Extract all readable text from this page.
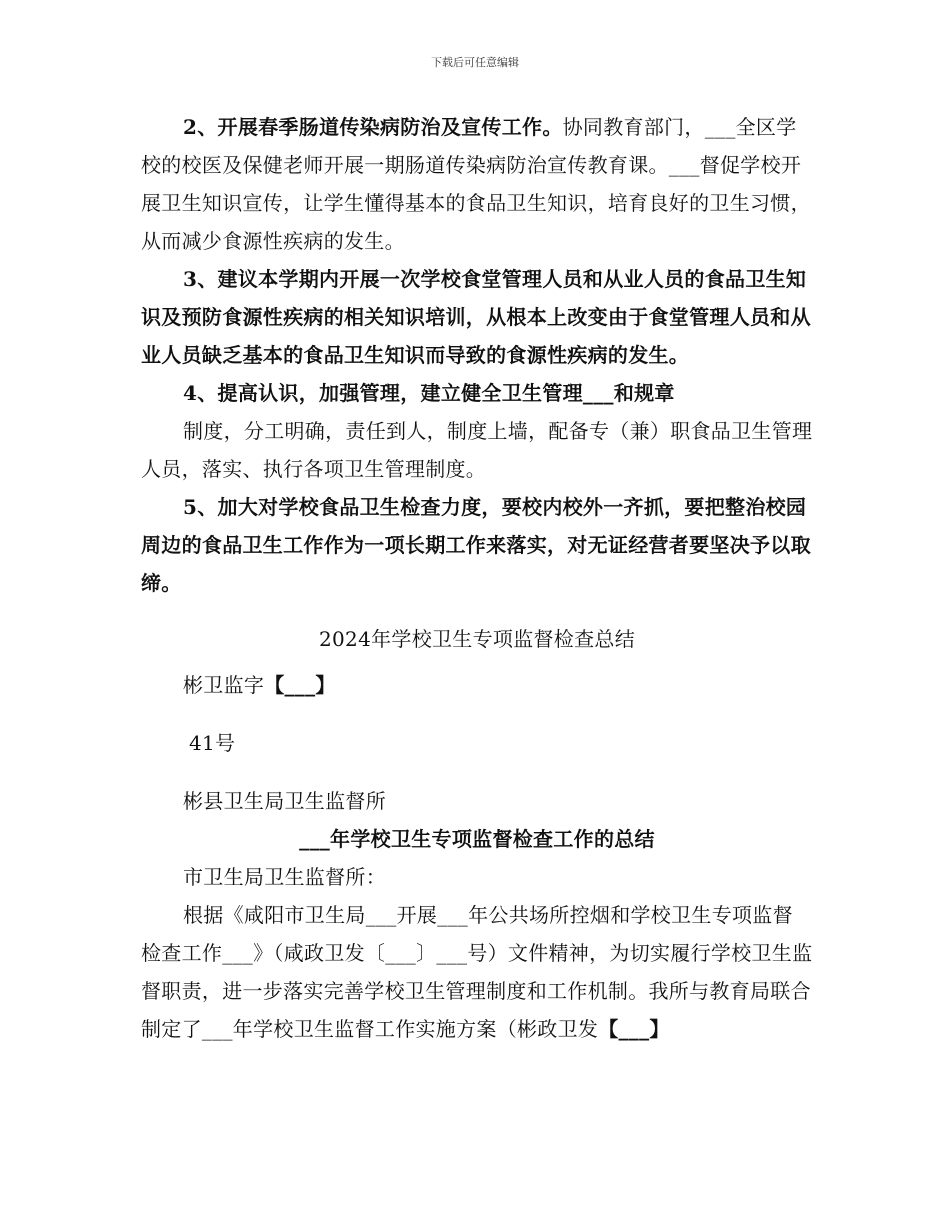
下载后可任意编辑

2、开展春季肠道传染病防治及宣传工作。协同教育部门，___全区学校的校医及保健老师开展一期肠道传染病防治宣传教育课。___督促学校开展卫生知识宣传，让学生懂得基本的食品卫生知识，培育良好的卫生习惯，从而减少食源性疾病的发生。

3、建议本学期内开展一次学校食堂管理人员和从业人员的食品卫生知识及预防食源性疾病的相关知识培训，从根本上改变由于食堂管理人员和从业人员缺乏基本的食品卫生知识而导致的食源性疾病的发生。

4、提高认识，加强管理，建立健全卫生管理___和规章

制度，分工明确，责任到人，制度上墙，配备专（兼）职食品卫生管理人员，落实、执行各项卫生管理制度。

5、加大对学校食品卫生检查力度，要校内校外一齐抓，要把整治校园周边的食品卫生工作作为一项长期工作来落实，对无证经营者要坚决予以取缔。

2024年学校卫生专项监督检查总结

彬卫监字【___】

41号

彬县卫生局卫生监督所

___年学校卫生专项监督检查工作的总结

市卫生局卫生监督所：

根据《咸阳市卫生局___开展___年公共场所控烟和学校卫生专项监督检查工作___》（咸政卫发〔___〕___号）文件精神，为切实履行学校卫生监督职责，进一步落实完善学校卫生管理制度和工作机制。我所与教育局联合制定了___年学校卫生监督工作实施方案（彬政卫发【___】
